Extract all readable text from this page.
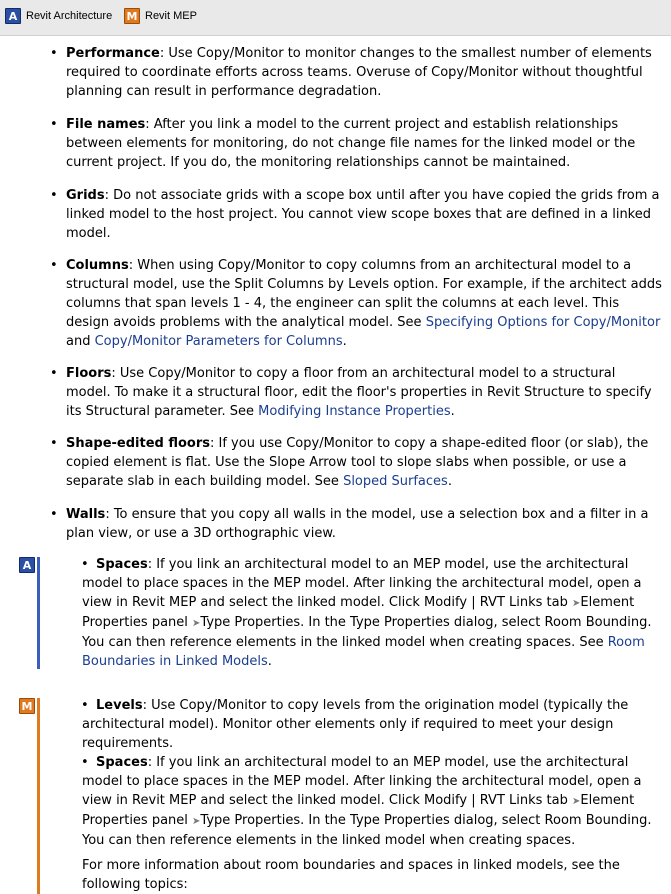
A Revit Architecture M Revit MEP
• Performance: Use Copy/Monitor to monitor changes to the smallest number of elements required to coordinate efforts across teams. Overuse of Copy/Monitor without thoughtful planning can result in performance degradation.
• File names: After you link a model to the current project and establish relationships between elements for monitoring, do not change file names for the linked model or the current project. If you do, the monitoring relationships cannot be maintained.
• Grids: Do not associate grids with a scope box until after you have copied the grids from a linked model to the host project. You cannot view scope boxes that are defined in a linked model.
• Columns: When using Copy/Monitor to copy columns from an architectural model to a structural model, use the Split Columns by Levels option. For example, if the architect adds columns that span levels 1 - 4, the engineer can split the columns at each level. This design avoids problems with the analytical model. See Specifying Options for Copy/Monitor and Copy/Monitor Parameters for Columns.
• Floors: Use Copy/Monitor to copy a floor from an architectural model to a structural model. To make it a structural floor, edit the floor's properties in Revit Structure to specify its Structural parameter. See Modifying Instance Properties.
• Shape-edited floors: If you use Copy/Monitor to copy a shape-edited floor (or slab), the copied element is flat. Use the Slope Arrow tool to slope slabs when possible, or use a separate slab in each building model. See Sloped Surfaces.
• Walls: To ensure that you copy all walls in the model, use a selection box and a filter in a plan view, or use a 3D orthographic view.
A	• Spaces: If you link an architectural model to an MEP model, use the architectural model to place spaces in the MEP model. After linking the architectural model, open a view in Revit MEP and select the linked model. Click Modify | RVT Links tab ➤Element Properties panel ➤Type Properties. In the Type Properties dialog, select Room Bounding. You can then reference elements in the linked model when creating spaces. See Room Boundaries in Linked Models.
M	• Levels: Use Copy/Monitor to copy levels from the origination model (typically the architectural model). Monitor other elements only if required to meet your design requirements.
• Spaces: If you link an architectural model to an MEP model, use the architectural model to place spaces in the MEP model. After linking the architectural model, open a view in Revit MEP and select the linked model. Click Modify | RVT Links tab ➤Element Properties panel ➤Type Properties. In the Type Properties dialog, select Room Bounding. You can then reference elements in the linked model when creating spaces.
For more information about room boundaries and spaces in linked models, see the following topics:
